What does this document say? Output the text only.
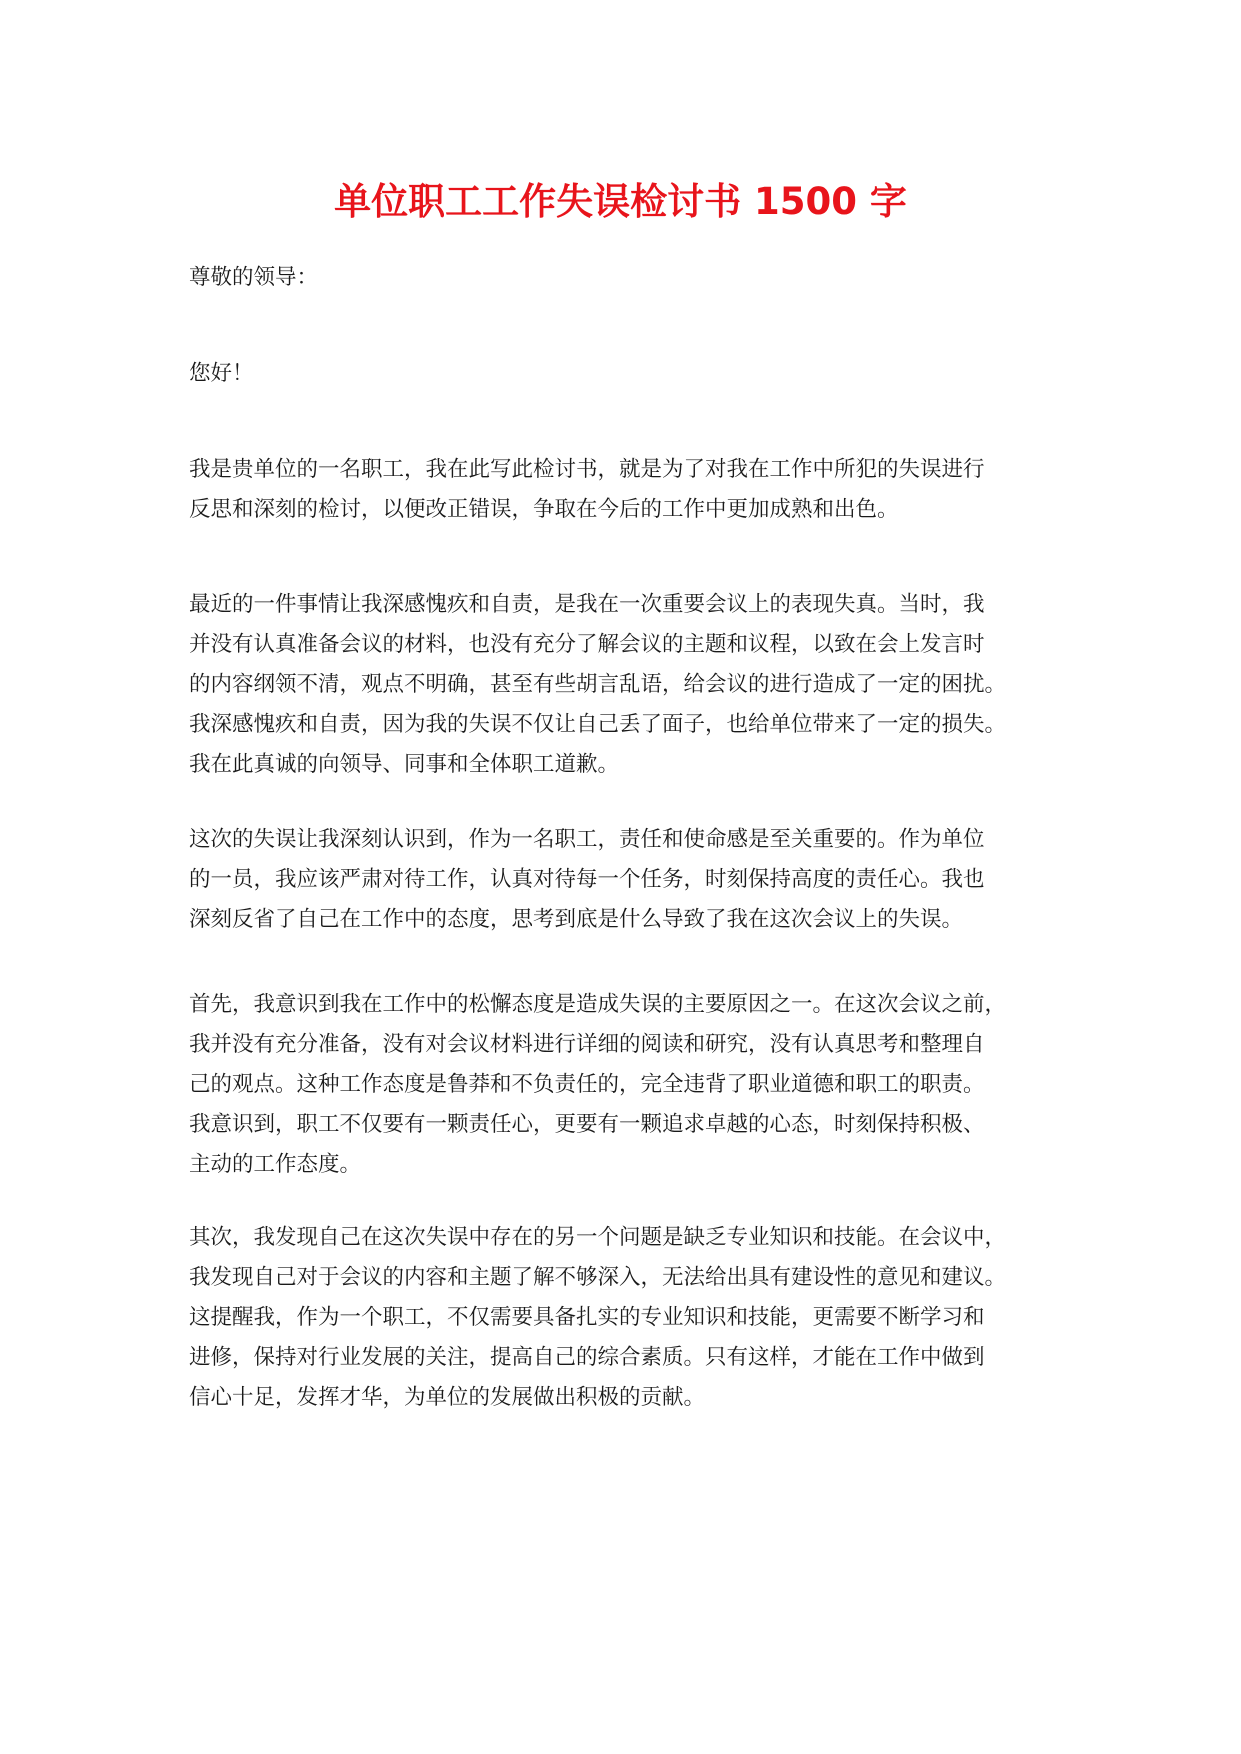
单位职工工作失误检讨书 1500 字

尊敬的领导：

您好！

我是贵单位的一名职工，我在此写此检讨书，就是为了对我在工作中所犯的失误进行
反思和深刻的检讨，以便改正错误，争取在今后的工作中更加成熟和出色。
最近的一件事情让我深感愧疚和自责，是我在一次重要会议上的表现失真。当时，我
并没有认真准备会议的材料，也没有充分了解会议的主题和议程，以致在会上发言时
的内容纲领不清，观点不明确，甚至有些胡言乱语，给会议的进行造成了一定的困扰。
我深感愧疚和自责，因为我的失误不仅让自己丢了面子，也给单位带来了一定的损失。
我在此真诚的向领导、同事和全体职工道歉。
这次的失误让我深刻认识到，作为一名职工，责任和使命感是至关重要的。作为单位
的一员，我应该严肃对待工作，认真对待每一个任务，时刻保持高度的责任心。我也
深刻反省了自己在工作中的态度，思考到底是什么导致了我在这次会议上的失误。
首先，我意识到我在工作中的松懈态度是造成失误的主要原因之一。在这次会议之前，
我并没有充分准备，没有对会议材料进行详细的阅读和研究，没有认真思考和整理自
己的观点。这种工作态度是鲁莽和不负责任的，完全违背了职业道德和职工的职责。
我意识到，职工不仅要有一颗责任心，更要有一颗追求卓越的心态，时刻保持积极、
主动的工作态度。
其次，我发现自己在这次失误中存在的另一个问题是缺乏专业知识和技能。在会议中，
我发现自己对于会议的内容和主题了解不够深入，无法给出具有建设性的意见和建议。
这提醒我，作为一个职工，不仅需要具备扎实的专业知识和技能，更需要不断学习和
进修，保持对行业发展的关注，提高自己的综合素质。只有这样，才能在工作中做到
信心十足，发挥才华，为单位的发展做出积极的贡献。
